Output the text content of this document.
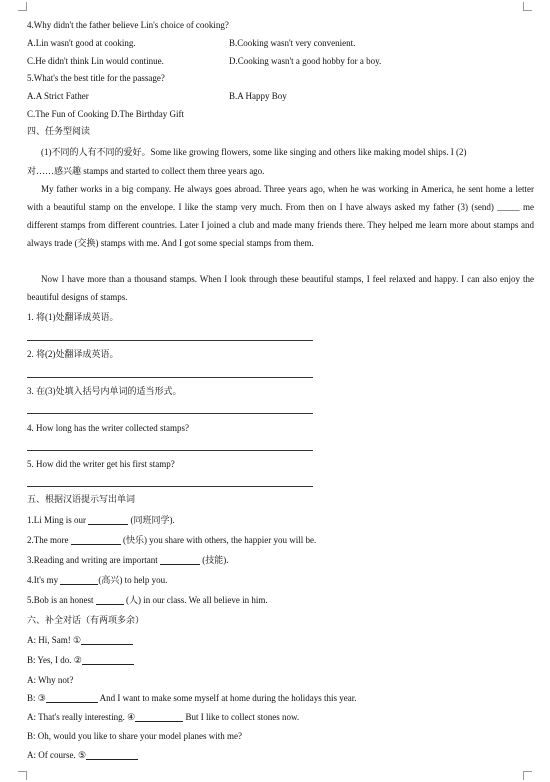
4.Why didn't the father believe Lin's choice of cooking?
A.Lin wasn't good at cooking.	B.Cooking wasn't very convenient.
C.He didn't think Lin would continue.	D.Cooking wasn't a good hobby for a boy.
5.What's the best title for the passage?
A.A Strict Father	B.A Happy Boy
C.The Fun of Cooking D.The Birthday Gift
四、任务型阅读
(1)不同的人有不同的爱好。Some like growing flowers, some like singing and others like making model ships. I (2)
对……感兴趣 stamps and started to collect them three years ago.
My father works in a big company. He always goes abroad. Three years ago, when he was working in America, he sent home a letter with a beautiful stamp on the envelope. I like the stamp very much. From then on I have always asked my father (3) (send) _____ me different stamps from different countries. Later I joined a club and made many friends there. They helped me learn more about stamps and always trade (交换) stamps with me. And I got some special stamps from them.
Now I have more than a thousand stamps. When I look through these beautiful stamps, I feel relaxed and happy. I can also enjoy the beautiful designs of stamps.
1. 将(1)处翻译成英语。
2. 将(2)处翻译成英语。
3. 在(3)处填入括号内单词的适当形式。
4. How long has the writer collected stamps?
5. How did the writer get his first stamp?
五、根据汉语提示写出单词
1.Li Ming is our	(同班同学).
2.The more	(快乐) you share with others, the happier you will be.
3.Reading and writing are important	(技能).
4.It's my	(高兴) to help you.
5.Bob is an honest	(人) in our class. We all believe in him.
六、补全对话（有两项多余）
A: Hi, Sam! ①
B: Yes, I do. ②
A: Why not?
B: ③	And I want to make some myself at home during the holidays this year.
A: That's really interesting. ④	But I like to collect stones now.
B: Oh, would you like to share your model planes with me?
A: Of course. ⑤
